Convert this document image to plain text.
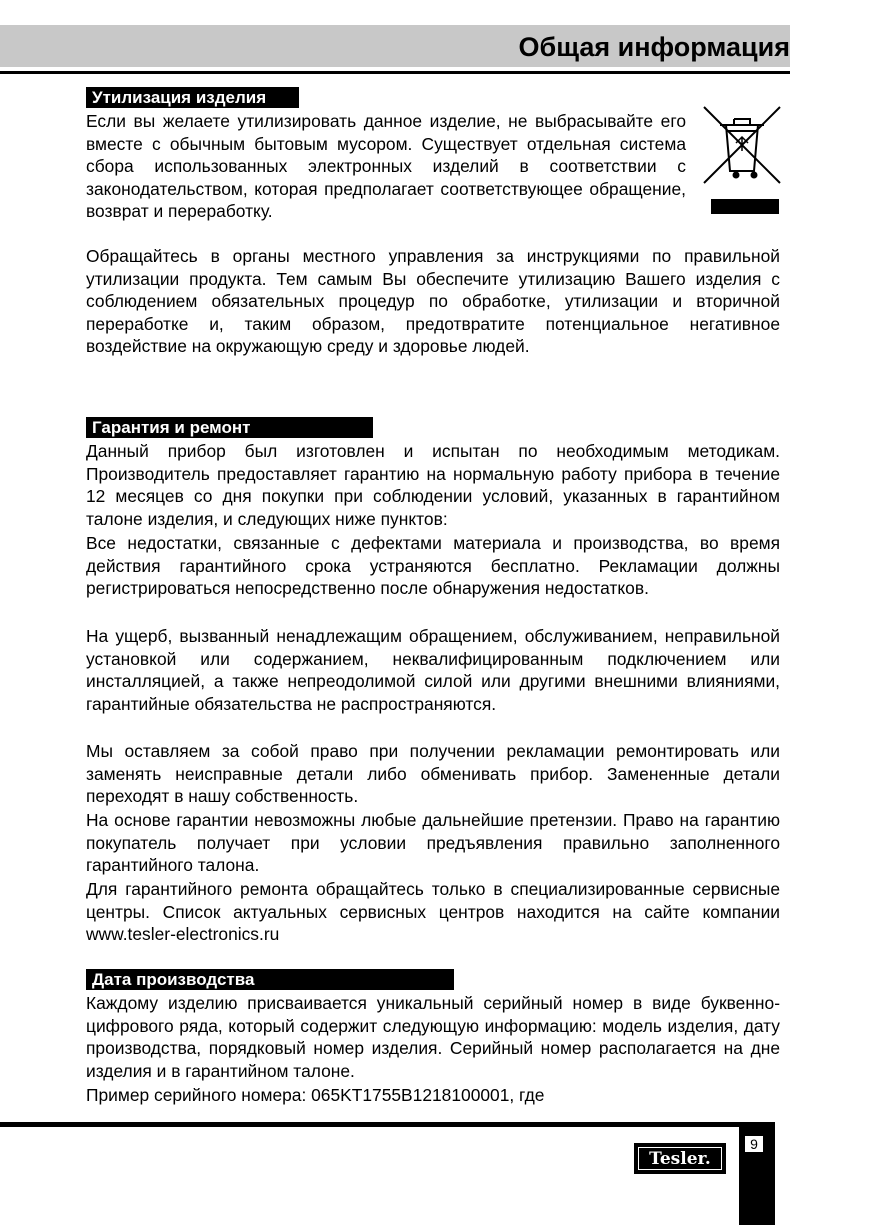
Общая информация
Утилизация изделия
Если вы желаете утилизировать данное изделие, не выбрасывайте его вместе с обычным бытовым мусором. Существует отдельная система сбора использованных электронных изделий в соответствии с законодательством, которая предполагает соответствующее обращение, возврат и переработку.
Обращайтесь в органы местного управления за инструкциями по правильной утилизации продукта. Тем самым Вы обеспечите утилизацию Вашего изделия с соблюдением обязательных процедур по обработке, утилизации и вторичной переработке и, таким образом, предотвратите потенциальное негативное воздействие на окружающую среду и здоровье людей.
Гарантия и ремонт
Данный прибор был изготовлен и испытан по необходимым методикам. Производитель предоставляет гарантию на нормальную работу прибора в течение 12 месяцев со дня покупки при соблюдении условий, указанных в гарантийном талоне изделия, и следующих ниже пунктов:
Все недостатки, связанные с дефектами материала и производства, во время действия гарантийного срока устраняются бесплатно. Рекламации должны регистрироваться непосредственно после обнаружения недостатков.
На ущерб, вызванный ненадлежащим обращением, обслуживанием, неправильной установкой или содержанием, неквалифицированным подключением или инсталляцией, а также непреодолимой силой или другими внешними влияниями, гарантийные обязательства не распространяются.
Мы оставляем за собой право при получении рекламации ремонтировать или заменять неисправные детали либо обменивать прибор. Замененные детали переходят в нашу собственность.
На основе гарантии невозможны любые дальнейшие претензии. Право на гарантию покупатель получает при условии предъявления правильно заполненного гарантийного талона.
Для гарантийного ремонта обращайтесь только в специализированные сервисные центры. Список актуальных сервисных центров находится на сайте компании www.tesler-electronics.ru
Дата производства
Каждому изделию присваивается уникальный серийный номер в виде буквенно-цифрового ряда, который содержит следующую информацию: модель изделия, дату производства, порядковый номер изделия. Серийный номер располагается на дне изделия и в гарантийном талоне.
Пример серийного номера: 065KT1755B1218100001, где
9
Tesler.
